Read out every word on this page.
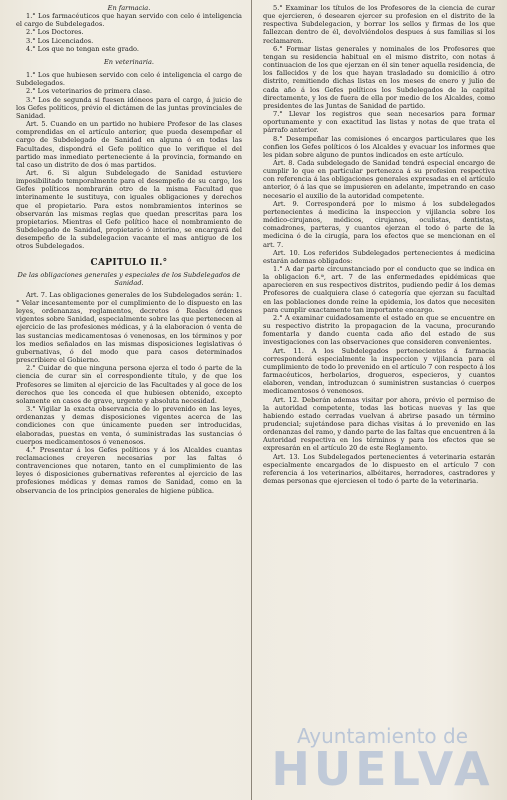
En farmacia.

1.° Los farmacéuticos que hayan servido con celo é inteligencia el cargo de Subdelegados.

2.° Los Doctores.

3.° Los Licenciados.

4.° Los que no tengan este grado.

En veterinaria.

1.° Los que hubiesen servido con celo é inteligencia el cargo de Subdelegados.

2.° Los veterinarios de primera clase.

3.° Los de segunda si fuesen idóneos para el cargo, á juicio de los Gefes políticos, prévio el dictámen de las juntas provinciales de Sanidad.

Art. 5. Cuando en un partido no hubiere Profesor de las clases comprendidas en el artículo anterior, que pueda desempeñar el cargo de Subdelegado de Sanidad en alguna ó en todas las Facultades, dispondrá el Gefe político que lo verifique el del partido mas inmediato perteneciente á la provincia, formando en tal caso un distrito de dos ó mas partidos.

Art. 6. Si algun Subdelegado de Sanidad estuviere imposibilitado temporalmente para el desempeño de su cargo, los Gefes políticos nombrarán otro de la misma Facultad que interinamente le sustituya, con iguales obligaciones y derechos que el propietario. Para estos nombramientos interinos se observarán las mismas reglas que quedan prescritas para los propietarios. Mientras el Gefe político hace el nombramiento de Subdelegado de Sanidad, propietario ó interino, se encargará del desempeño de la subdelegacion vacante el mas antiguo de los otros Subdelegados.

CAPITULO II.°

De las obligaciones generales y especiales de los Subdelegados de Sanidad.

Art. 7. Las obligaciones generales de los Subdelegados serán: 1.° Velar incesantemente por el cumplimiento de lo dispuesto en las leyes, ordenanzas, reglamentos, decretos ó Reales órdenes vigentes sobre Sanidad, especialmente sobre las que pertenecen al ejercicio de las profesiones médicas, y á la elaboracion ó venta de las sustancias medicamentosas ó venenosas, en los términos y por los medios señalados en las mismas disposiciones legislativas ó gubernativas, ó del modo que para casos determinados prescribiere el Gobierno.

2.° Cuidar de que ninguna persona ejerza el todo ó parte de la ciencia de curar sin el correspondiente título, y de que los Profesores se limiten al ejercicio de las Facultades y al goce de los derechos que les conceda el que hubiesen obtenido, excepto solamente en casos de grave, urgente y absoluta necesidad.

3.° Vigilar la exacta observancia de lo prevenido en las leyes, ordenanzas y demas disposiciones vigentes acerca de las condiciones con que únicamente pueden ser introducidas, elaboradas, puestas en venta, ó suministradas las sustancias ó cuerpos medicamentosos ó venenosos.

4.° Presentar á los Gefes políticos y á los Alcaldes cuantas reclamaciones creyeren necesarias por las faltas ó contravenciones que notaren, tanto en el cumplimiento de las leyes ó disposiciones gubernativas referentes al ejercicio de las profesiones médicas y demas ramos de Sanidad, como en la observancia de los principios generales de higiene pública.

5.° Examinar los títulos de los Profesores de la ciencia de curar que ejercieren, ó desearen ejercer su profesion en el distrito de la respectiva Subdelegacion, y borrar los sellos y firmas de los que fallezcan dentro de él, devolviéndolos despues á sus familias si los reclamaren.

6.° Formar listas generales y nominales de los Profesores que tengan su residencia habitual en el mismo distrito, con notas á continuacion de los que ejerzan en él sin tener aquella residencia, de los fallecidos y de los que hayan trasladado su domicilio á otro distrito, remitiendo dichas listas en los meses de enero y julio de cada año á los Gefes políticos los Subdelegados de la capital directamente, y los de fuera de ella por medio de los Alcaldes, como presidentes de las Juntas de Sanidad de partido.

7.° Llevar los registros que sean necesarios para formar oportunamente y con exactitud las listas y notas de que trata el párrafo anterior.

8.° Desempeñar las comisiones ó encargos particulares que les confien los Gefes políticos ó los Alcaldes y evacuar los informes que les pidan sobre alguno de puntos indicados en este artículo.

Art. 8. Cada subdelegado de Sanidad tendrá especial encargo de cumplir lo que en particular pertenezca á su profesion respectiva con referencia á las obligaciones generales expresadas en el artículo anterior, ó á las que se impusieren en adelante, impetrando en caso necesario el auxilio de la autoridad competente.

Art. 9. Corresponderá por lo mismo á los subdelegados pertenecientes á medicina la inspeccion y vijilancia sobre los médico-cirujanos, médicos, cirujanos, oculistas, dentistas, comadrones, parteras, y cuantos ejerzan el todo ó parte de la medicina ó de la cirugía, para los efectos que se mencionan en el art. 7.

Art. 10. Los referidos Subdelegados pertenecientes á medicina estarán ademas obligados:

1.° A dar parte circunstanciado por el conducto que se indica en la obligacion 6.ª, art. 7 de las enfermedades epidémicas que aparecieren en sus respectivos distritos, pudiendo pedir á los demas Profesores de cualquiera clase ó categoría que ejerzan su facultad en las poblaciones donde reine la epidemia, los datos que necesiten para cumplir exactamente tan importante encargo.

2.° A examinar cuidadosamente el estado en que se encuentre en su respectivo distrito la propagacion de la vacuna, procurando fomentarla y dando cuenta cada año del estado de sus investigaciones con las observaciones que consideren convenientes.

Art. 11. A los Subdelegados pertenecientes á farmacia corresponderá especialmente la inspeccion y vijilancia para el cumplimiento de todo lo prevenido en el artículo 7 con respecto á los farmacéuticos, herbolarios, drogueros, especieros, y cuantos elaboren, vendan, introduzcan ó suministren sustancias ó cuerpos medicamentosos ó venenosos.

Art. 12. Deberán ademas visitar por ahora, prévio el permiso de la autoridad competente, todas las boticas nuevas y las que habiendo estado cerradas vuelvan á abrirse pasado un término prudencial; sujetándose para dichas visitas á lo prevenido en las ordenanzas del ramo, y dando parte de las faltas que encuentren á la Autoridad respectiva en los términos y para los efectos que se expresarán en el artículo 20 de este Reglamento.

Art. 13. Los Subdelegados pertenecientes á veterinaria estarán especialmente encargados de lo dispuesto en el artículo 7 con referencia á los veterinarios, albéitares, herradores, castradores y demas personas que ejerciesen el todo ó parte de la veterinaria.

Ayuntamiento de
HUELVA
